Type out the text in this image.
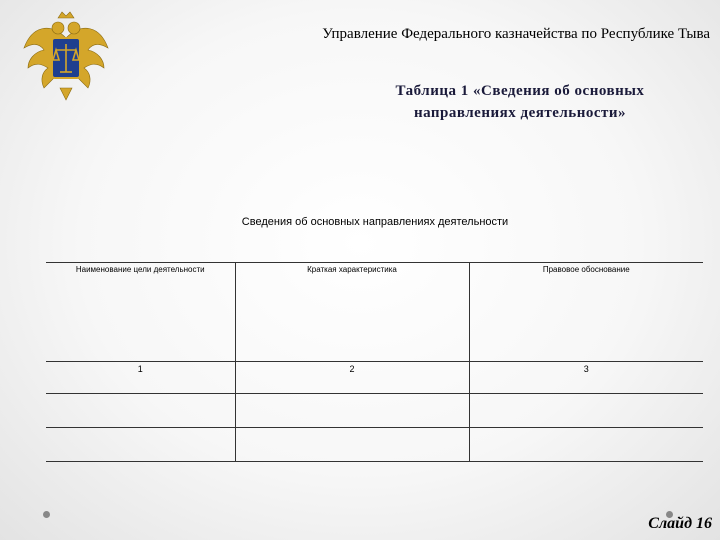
Управление Федерального казначейства по Республике Тыва
Таблица 1 «Сведения об основных
направлениях деятельности»
Сведения об основных направлениях деятельности
Наименование цели деятельности	Краткая характеристика	Правовое обоснование
1	2	3

Слайд 16
